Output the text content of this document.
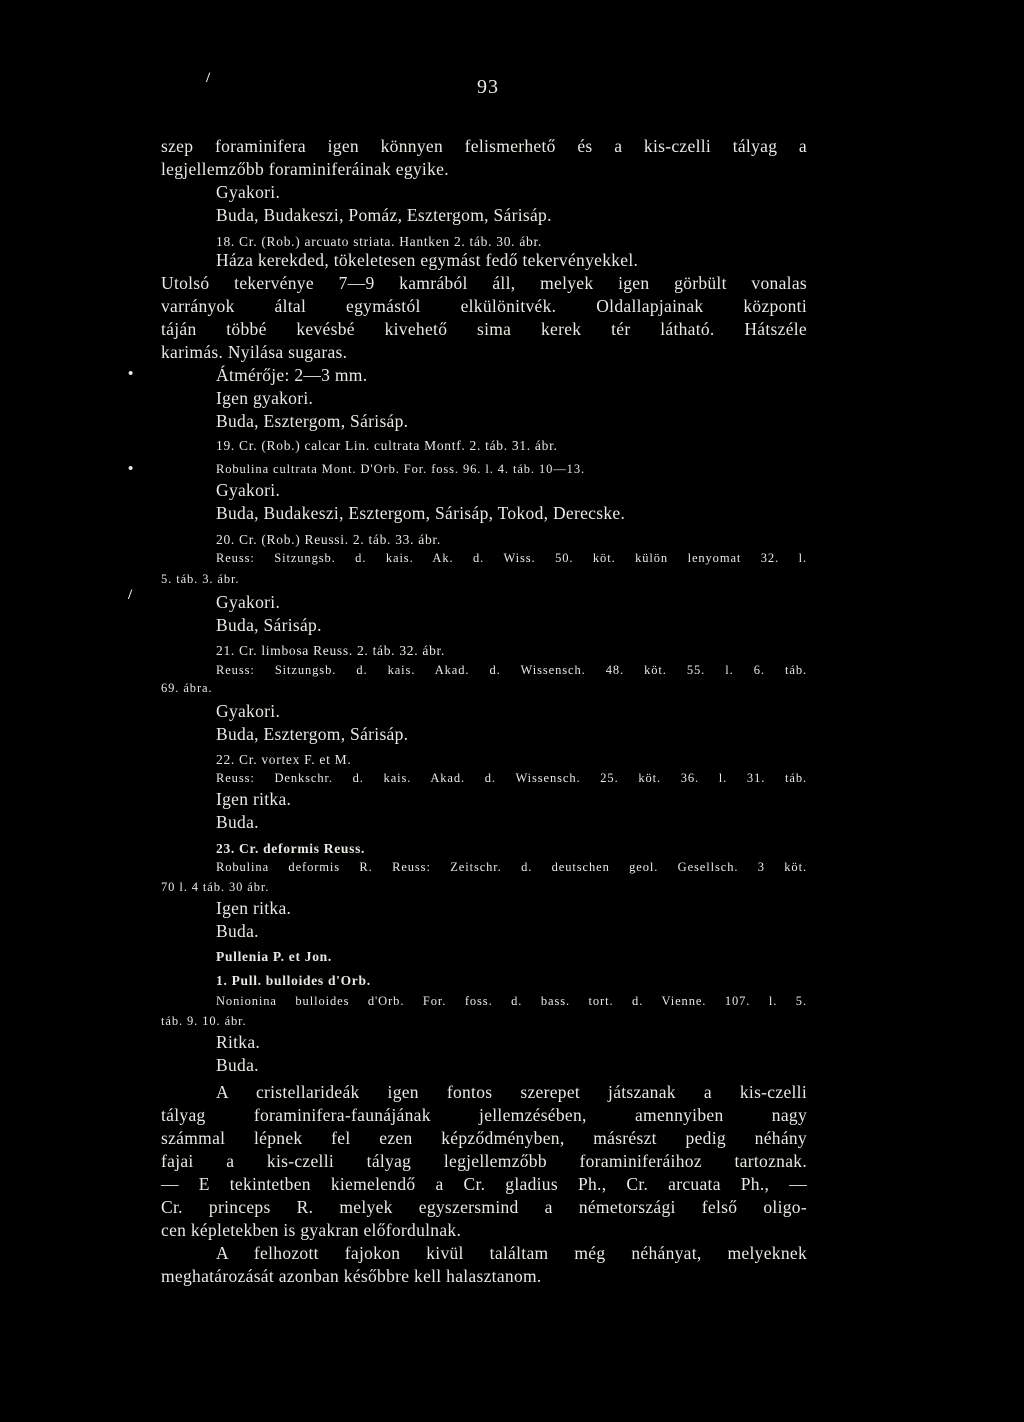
93
/
•
•
/
szep foraminifera igen könnyen felismerhető és a kis-czelli tályag a
legjellemzőbb foraminiferáinak egyike.
Gyakori.
Buda, Budakeszi, Pomáz, Esztergom, Sárisáp.
18. Cr. (Rob.) arcuato striata. Hantken 2. táb. 30. ábr.
Háza kerekded, tökeletesen egymást fedő tekervényekkel.
Utolsó tekervénye 7—9 kamrából áll, melyek igen görbült vonalas
varrányok által egymástól elkülönitvék. Oldallapjainak központi
táján többé kevésbé kivehető sima kerek tér látható. Hátszéle
karimás. Nyilása sugaras.
Átmérője: 2—3 mm.
Igen gyakori.
Buda, Esztergom, Sárisáp.
19. Cr. (Rob.) calcar Lin. cultrata Montf. 2. táb. 31. ábr.
Robulina cultrata Mont. D'Orb. For. foss. 96. l. 4. táb. 10—13.
Gyakori.
Buda, Budakeszi, Esztergom, Sárisáp, Tokod, Derecske.
20. Cr. (Rob.) Reussi. 2. táb. 33. ábr.
Reuss: Sitzungsb. d. kais. Ak. d. Wiss. 50. köt. külön lenyomat 32. l.
5. táb. 3. ábr.
Gyakori.
Buda, Sárisáp.
21. Cr. limbosa Reuss. 2. táb. 32. ábr.
Reuss: Sitzungsb. d. kais. Akad. d. Wissensch. 48. köt. 55. l. 6. táb.
69. ábra.
Gyakori.
Buda, Esztergom, Sárisáp.
22. Cr. vortex F. et M.
Reuss: Denkschr. d. kais. Akad. d. Wissensch. 25. köt. 36. l. 31. táb.
Igen ritka.
Buda.
23. Cr. deformis Reuss.
Robulina deformis R. Reuss: Zeitschr. d. deutschen geol. Gesellsch. 3 köt.
70 l. 4 táb. 30 ábr.
Igen ritka.
Buda.
Pullenia P. et Jon.
1. Pull. bulloides d'Orb.
Nonionina bulloides d'Orb. For. foss. d. bass. tort. d. Vienne. 107. l. 5.
táb. 9. 10. ábr.
Ritka.
Buda.
A cristellarideák igen fontos szerepet játszanak a kis-czelli
tályag foraminifera-faunájának jellemzésében, amennyiben nagy
számmal lépnek fel ezen képződményben, másrészt pedig néhány
fajai a kis-czelli tályag legjellemzőbb foraminiferáihoz tartoznak.
— E tekintetben kiemelendő a Cr. gladius Ph., Cr. arcuata Ph., —
Cr. princeps R. melyek egyszersmind a németországi felső oligo-
cen képletekben is gyakran előfordulnak.
A felhozott fajokon kivül találtam még néhányat, melyeknek
meghatározását azonban későbbre kell halasztanom.
